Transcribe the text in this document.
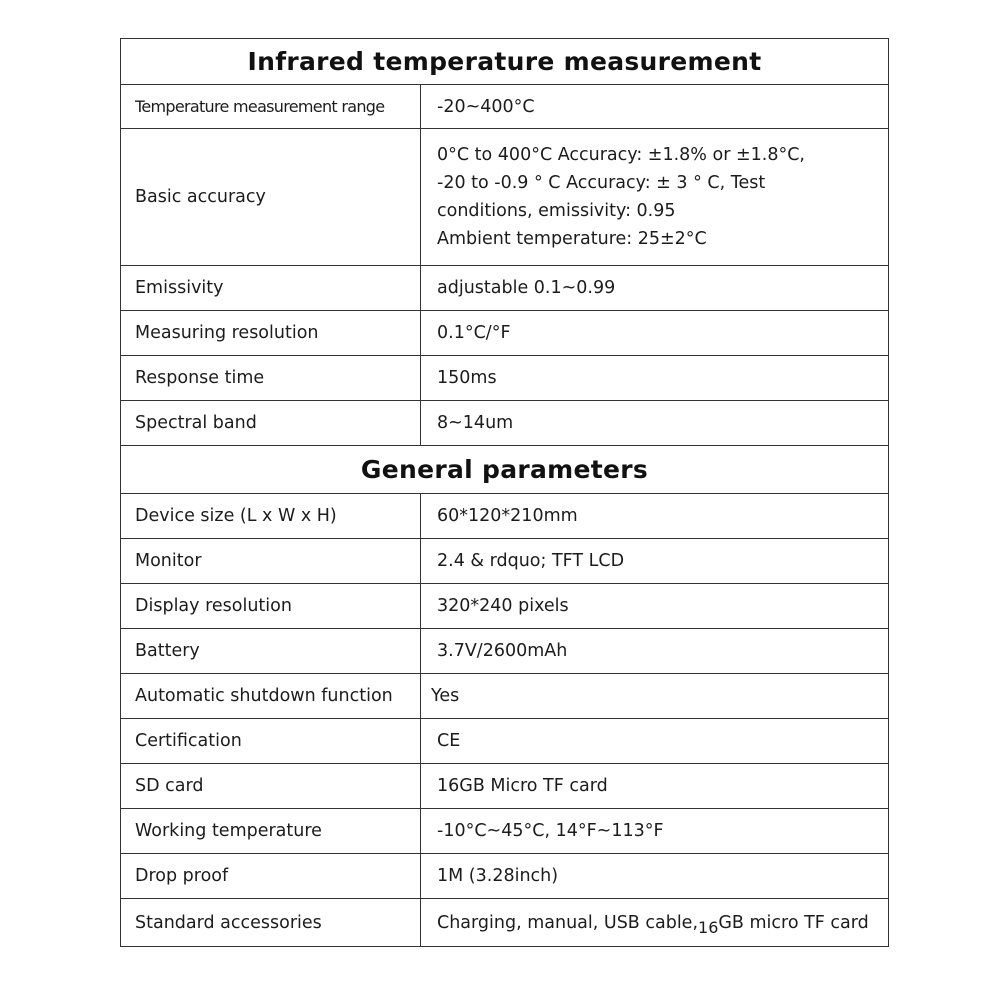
Infrared temperature measurement	
Temperature measurement range	-20~400°C
Basic accuracy	0°C to 400°C Accuracy: ±1.8% or ±1.8°C,
-20 to -0.9 ° C Accuracy: ± 3 ° C, Test
conditions, emissivity: 0.95
Ambient temperature: 25±2°C

Emissivity	adjustable 0.1~0.99
Measuring resolution	0.1°C/°F
Response time	150ms
Spectral band	8~14um
General parameters	
Device size (L x W x H)	60*120*210mm
Monitor	2.4 & rdquo; TFT LCD
Display resolution	320*240 pixels
Battery	3.7V/2600mAh
Automatic shutdown function	Yes
Certification	CE
SD card	16GB Micro TF card
Working temperature	-10°C~45°C, 14°F~113°F
Drop proof	1M (3.28inch)
Standard accessories	Charging, manual, USB cable,16GB micro TF card
